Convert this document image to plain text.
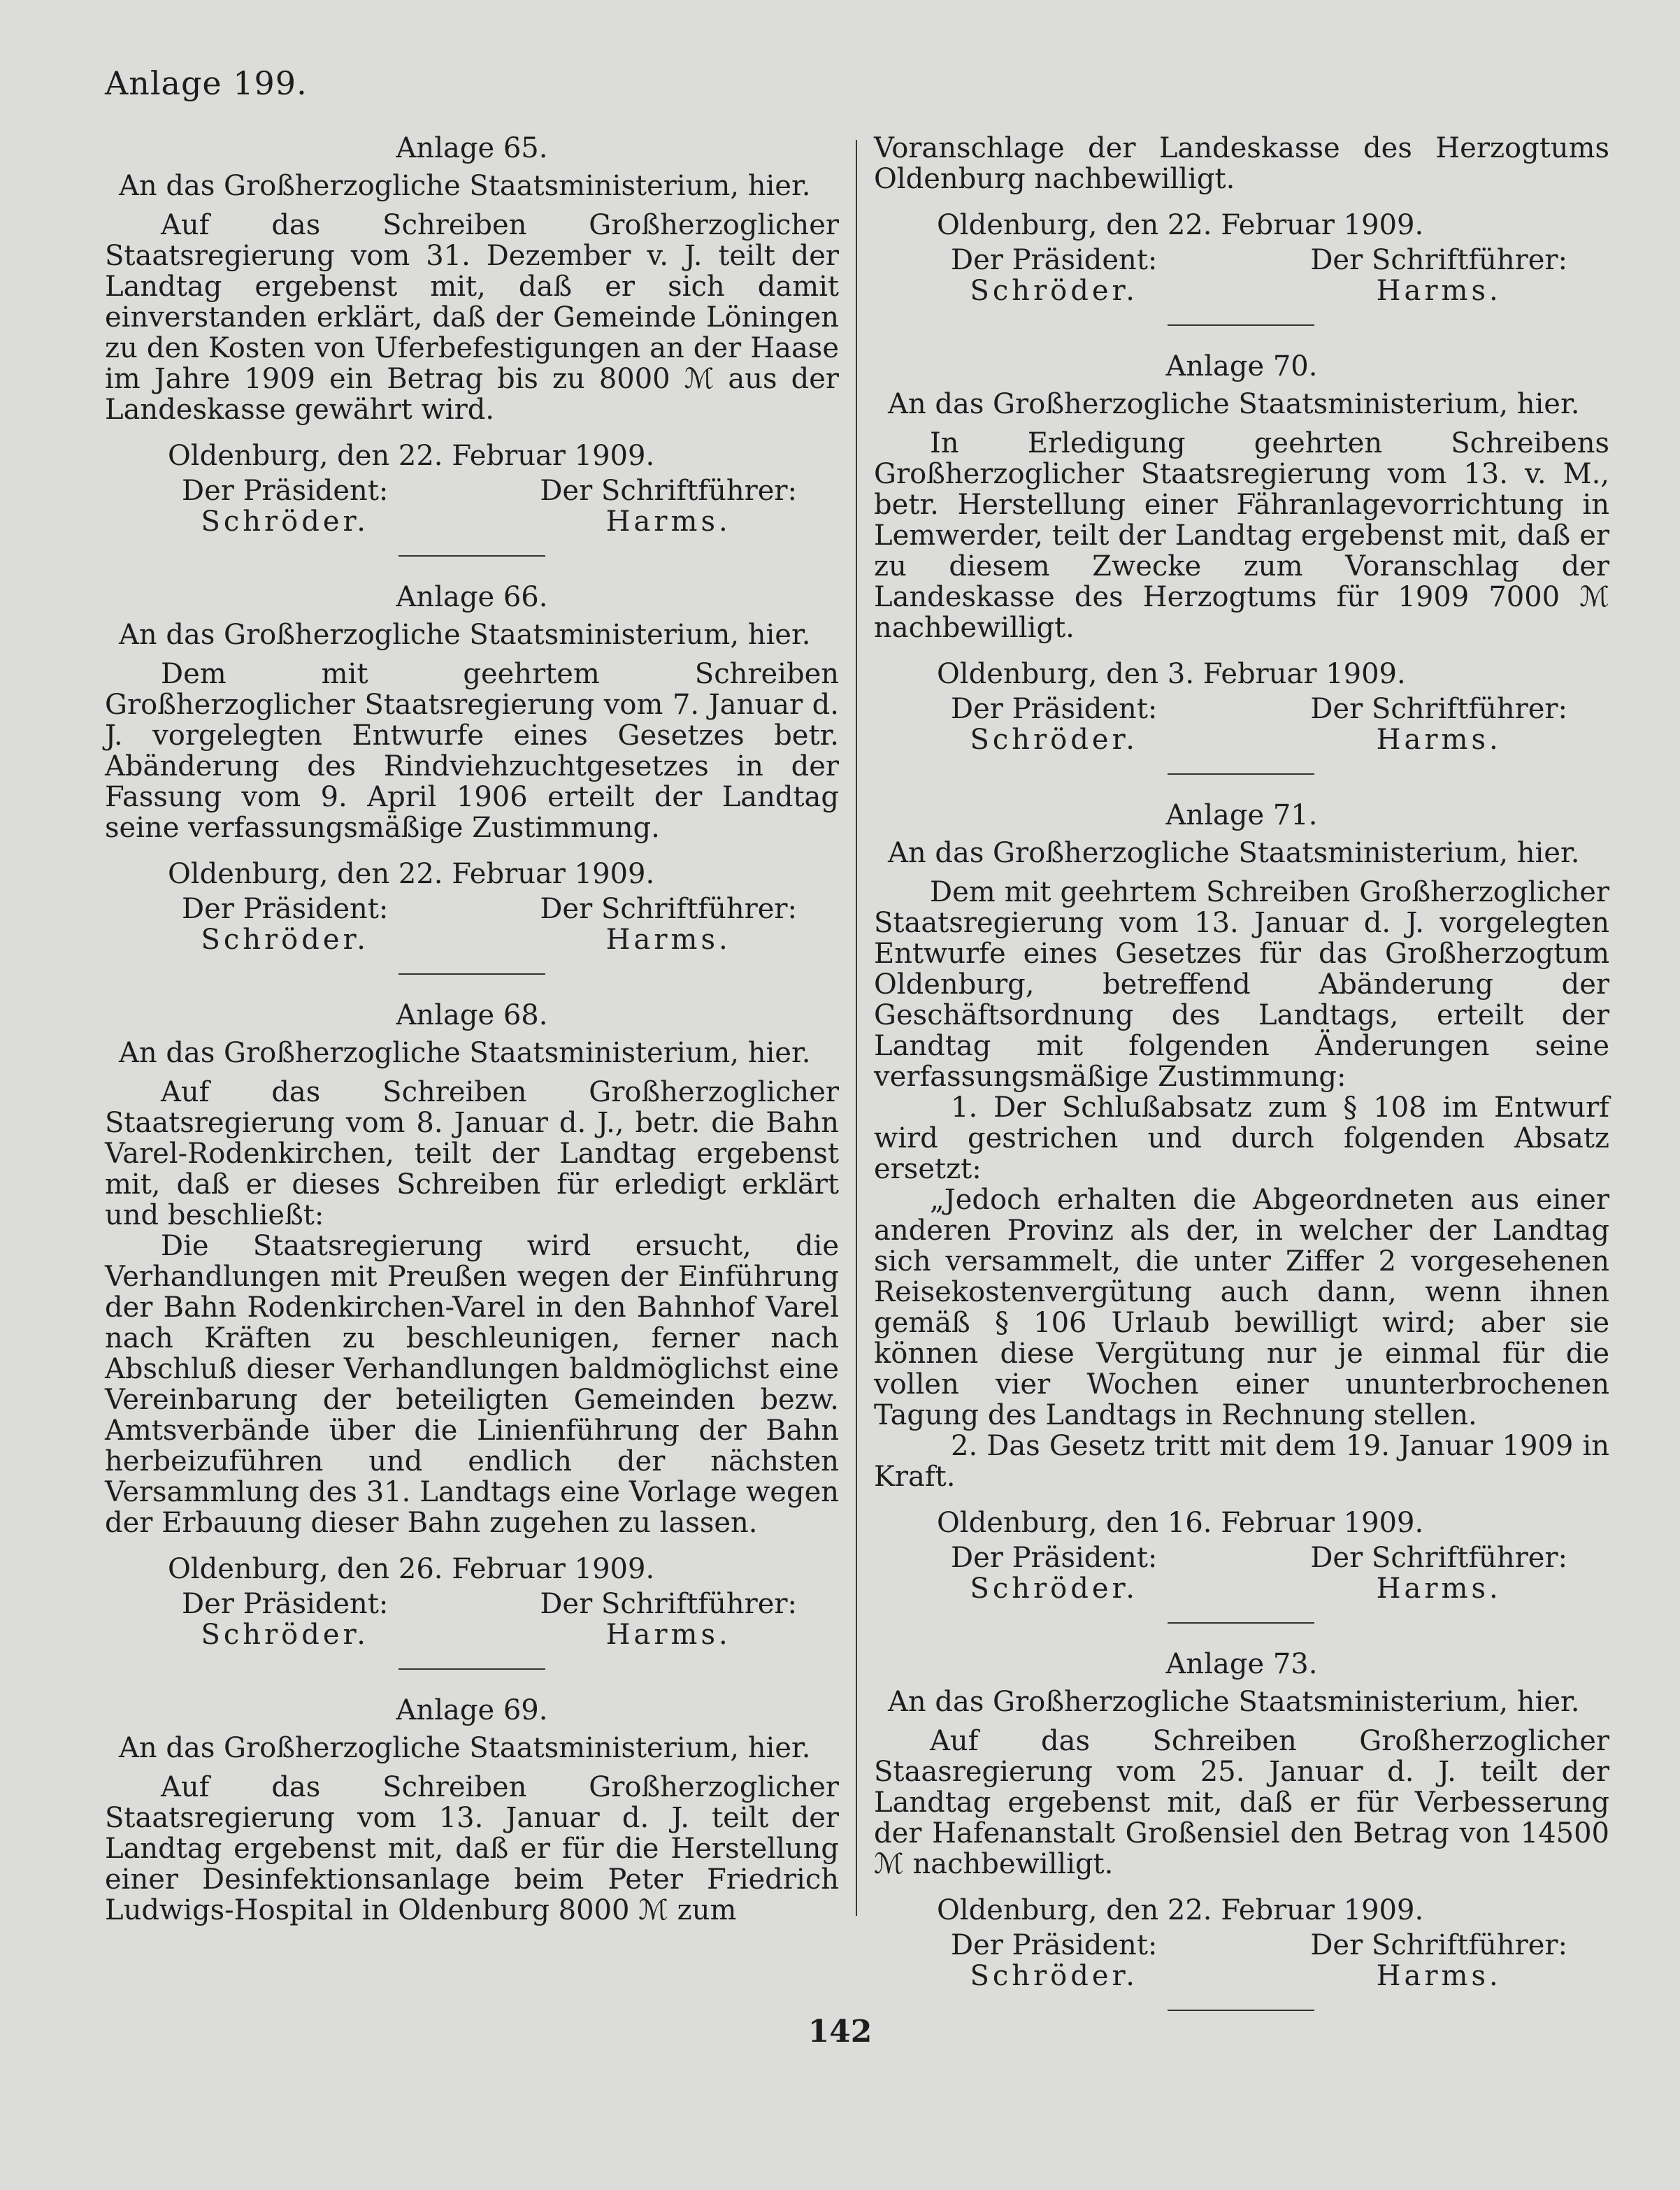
Anlage 199.
Anlage 65.
An das Großherzogliche Staatsministerium, hier.

Auf das Schreiben Großherzoglicher Staatsregierung vom 31. Dezember v. J. teilt der Landtag ergebenst mit, daß er sich damit einverstanden erklärt, daß der Gemeinde Löningen zu den Kosten von Uferbefestigungen an der Haase im Jahre 1909 ein Betrag bis zu 8000 ℳ aus der Landeskasse gewährt wird.

Oldenburg, den 22. Februar 1909.
Der Präsident:
Schröder.
Der Schriftführer:
Harms.
Anlage 66.
An das Großherzogliche Staatsministerium, hier.

Dem mit geehrtem Schreiben Großherzoglicher Staatsregierung vom 7. Januar d. J. vorgelegten Entwurfe eines Gesetzes betr. Abänderung des Rindviehzuchtgesetzes in der Fassung vom 9. April 1906 erteilt der Landtag seine verfassungsmäßige Zustimmung.

Oldenburg, den 22. Februar 1909.
Der Präsident:
Schröder.
Der Schriftführer:
Harms.
Anlage 68.
An das Großherzogliche Staatsministerium, hier.

Auf das Schreiben Großherzoglicher Staatsregierung vom 8. Januar d. J., betr. die Bahn Varel-Rodenkirchen, teilt der Landtag ergebenst mit, daß er dieses Schreiben für erledigt erklärt und beschließt:

Die Staatsregierung wird ersucht, die Verhandlungen mit Preußen wegen der Einführung der Bahn Rodenkirchen-Varel in den Bahnhof Varel nach Kräften zu beschleunigen, ferner nach Abschluß dieser Verhandlungen baldmöglichst eine Vereinbarung der beteiligten Gemeinden bezw. Amtsverbände über die Linienführung der Bahn herbeizuführen und endlich der nächsten Versammlung des 31. Landtags eine Vorlage wegen der Erbauung dieser Bahn zugehen zu lassen.

Oldenburg, den 26. Februar 1909.
Der Präsident:
Schröder.
Der Schriftführer:
Harms.
Anlage 69.
An das Großherzogliche Staatsministerium, hier.

Auf das Schreiben Großherzoglicher Staatsregierung vom 13. Januar d. J. teilt der Landtag ergebenst mit, daß er für die Herstellung einer Desinfektionsanlage beim Peter Friedrich Ludwigs-Hospital in Oldenburg 8000 ℳ zum

Voranschlage der Landeskasse des Herzogtums Oldenburg nachbewilligt.

Oldenburg, den 22. Februar 1909.
Der Präsident:
Schröder.
Der Schriftführer:
Harms.
Anlage 70.
An das Großherzogliche Staatsministerium, hier.

In Erledigung geehrten Schreibens Großherzoglicher Staatsregierung vom 13. v. M., betr. Herstellung einer Fähranlagevorrichtung in Lemwerder, teilt der Landtag ergebenst mit, daß er zu diesem Zwecke zum Voranschlag der Landeskasse des Herzogtums für 1909 7000 ℳ nachbewilligt.

Oldenburg, den 3. Februar 1909.
Der Präsident:
Schröder.
Der Schriftführer:
Harms.
Anlage 71.
An das Großherzogliche Staatsministerium, hier.

Dem mit geehrtem Schreiben Großherzoglicher Staatsregierung vom 13. Januar d. J. vorgelegten Entwurfe eines Gesetzes für das Großherzogtum Oldenburg, betreffend Abänderung der Geschäftsordnung des Landtags, erteilt der Landtag mit folgenden Änderungen seine verfassungsmäßige Zustimmung:

1. Der Schlußabsatz zum § 108 im Entwurf wird gestrichen und durch folgenden Absatz ersetzt:

„Jedoch erhalten die Abgeordneten aus einer anderen Provinz als der, in welcher der Landtag sich versammelt, die unter Ziffer 2 vorgesehenen Reisekostenvergütung auch dann, wenn ihnen gemäß § 106 Urlaub bewilligt wird; aber sie können diese Vergütung nur je einmal für die vollen vier Wochen einer ununterbrochenen Tagung des Landtags in Rechnung stellen.

2. Das Gesetz tritt mit dem 19. Januar 1909 in Kraft.

Oldenburg, den 16. Februar 1909.
Der Präsident:
Schröder.
Der Schriftführer:
Harms.
Anlage 73.
An das Großherzogliche Staatsministerium, hier.

Auf das Schreiben Großherzoglicher Staasregierung vom 25. Januar d. J. teilt der Landtag ergebenst mit, daß er für Verbesserung der Hafenanstalt Großensiel den Betrag von 14500 ℳ nachbewilligt.

Oldenburg, den 22. Februar 1909.
Der Präsident:
Schröder.
Der Schriftführer:
Harms.
142
